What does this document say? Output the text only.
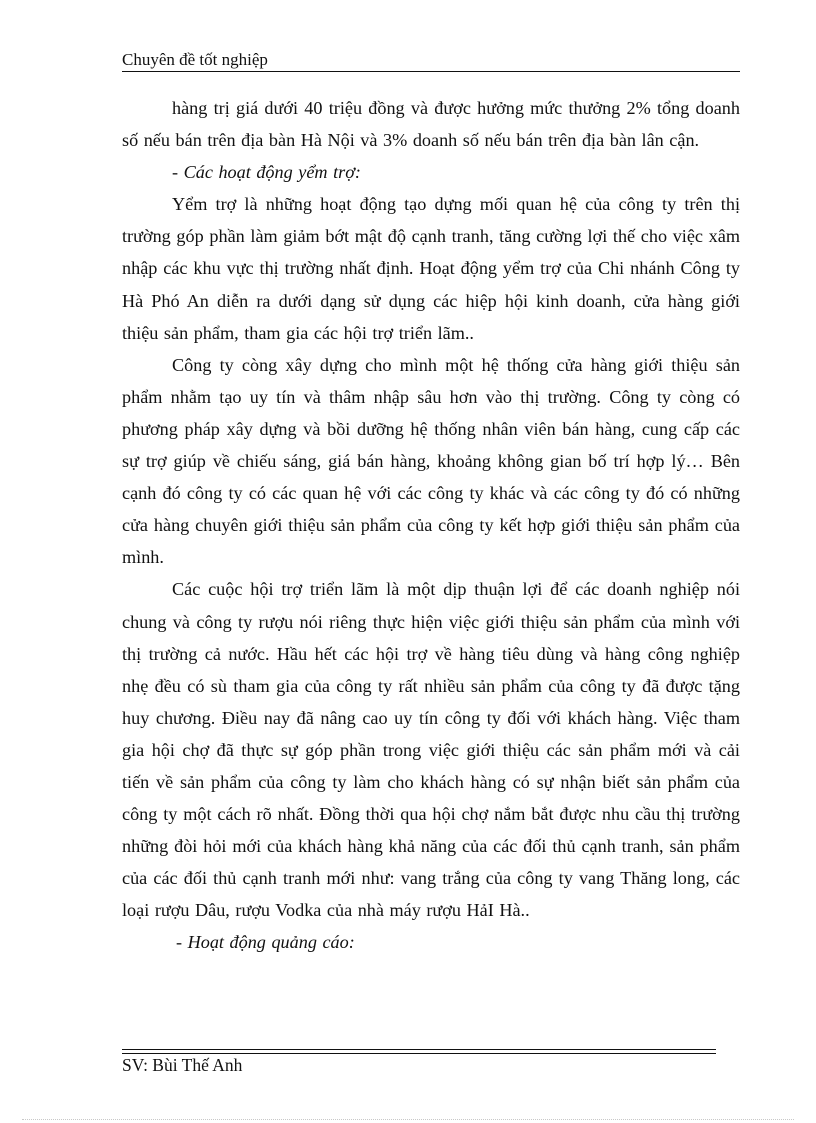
Chuyên đề tốt nghiệp

hàng trị giá dưới 40 triệu đồng và được hưởng mức thưởng 2% tổng doanh số nếu bán trên địa bàn Hà Nội và 3% doanh số nếu bán trên địa bàn lân cận.

- Các hoạt động yểm trợ:

Yểm trợ là những hoạt động tạo dựng mối quan hệ của công ty trên thị trường góp phần làm giảm bớt mật độ cạnh tranh, tăng cường lợi thế cho việc xâm nhập các khu vực thị trường nhất định. Hoạt động yểm trợ của Chi nhánh Công ty Hà Phó An diễn ra dưới dạng sử dụng các hiệp hội kinh doanh, cửa hàng giới thiệu sản phẩm, tham gia các hội trợ triển lãm..

Công ty còng xây dựng cho mình một hệ thống cửa hàng giới thiệu sản phẩm nhằm tạo uy tín và thâm nhập sâu hơn vào thị trường. Công ty còng có phương pháp xây dựng và bồi dưỡng hệ thống nhân viên bán hàng, cung cấp các sự trợ giúp về chiếu sáng, giá bán hàng, khoảng không gian bố trí hợp lý… Bên cạnh đó công ty có các quan hệ với các công ty khác và các công ty đó có những cửa hàng chuyên giới thiệu sản phẩm của công ty kết hợp giới thiệu sản phẩm của mình.

Các cuộc hội trợ triển lãm là một dịp thuận lợi để các doanh nghiệp nói chung và công ty rượu nói riêng thực hiện việc giới thiệu sản phẩm của mình với thị trường cả nước. Hầu hết các hội trợ về hàng tiêu dùng và hàng công nghiệp nhẹ đều có sù tham gia của công ty rất nhiều sản phẩm của công ty đã được tặng huy chương. Điều nay đã nâng cao uy tín công ty đối với khách hàng. Việc tham gia hội chợ đã thực sự góp phần trong việc giới thiệu các sản phẩm mới và cải tiến về sản phẩm của công ty làm cho khách hàng có sự nhận biết sản phẩm của công ty một cách rõ nhất. Đồng thời qua hội chợ nắm bắt được nhu cầu thị trường những đòi hỏi mới của khách hàng khả năng của các đối thủ cạnh tranh, sản phẩm của các đối thủ cạnh tranh mới như: vang trắng của công ty vang Thăng long, các loại rượu Dâu, rượu Vodka của nhà máy rượu HảI Hà..

- Hoạt động quảng cáo:

SV: Bùi Thế Anh
